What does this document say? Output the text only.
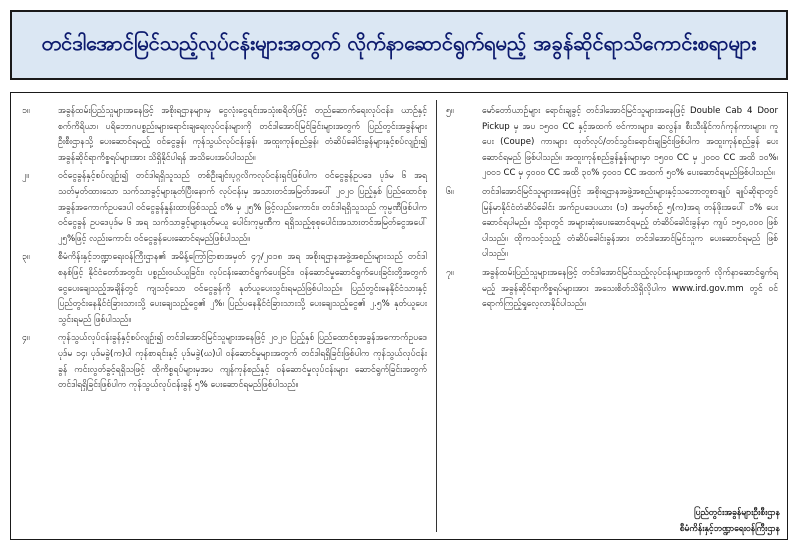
တင်ဒါအောင်မြင်သည့်လုပ်ငန်းများအတွက် လိုက်နာဆောင်ရွက်ရမည့် အခွန်ဆိုင်ရာသိကောင်းစရာများ
၁။	အခွန်ထမ်းပြည်သူများအနေဖြင့် အစိုးရဌာနများမှ ငွေလုံးငွေရင်းအသုံးစရိတ်ဖြင့် တည်ဆောက်ရေးလုပ်ငန်း၊ ယာဉ်နှင့်စက်ကိရိယာ၊ ပရိဘောဂပစ္စည်းများရောင်းချရေးလုပ်ငန်းများကို တင်ဒါအောင်မြင်ခြင်းများအတွက် ပြည်တွင်းအခွန်များဦးစီးဌာနသို့ ပေးဆောင်ရမည့် ဝင်ငွေခွန်၊ ကုန်သွယ်လုပ်ငန်းခွန်၊ အထူးကုန်စည်ခွန်၊ တံဆိပ်ခေါင်းခွန်များနှင့်စပ်လျဉ်း၍ အခွန်ဆိုင်ရာကိစ္စရပ်များအား သိရှိနိုင်ပါရန် အသိပေးအပ်ပါသည်။
၂။	ဝင်ငွေခွန်နှင့်စပ်လျဉ်း၍ တင်ဒါရရှိသူသည် တစ်ဦးချင်းပုဂ္ဂလိကလုပ်ငန်းရှင်ဖြစ်ပါက ဝင်ငွေခွန်ဥပဒေ ပုဒ်မ ၆ အရ သတ်မှတ်ထားသော သက်သာခွင့်များနုတ်ပြီးနောက် လုပ်ငန်းမှ အသားတင်အမြတ်အပေါ် ၂၀၂၀ ပြည့်နှစ် ပြည်ထောင်စုအခွန်အကောက်ဥပဒေပါ ဝင်ငွေခွန်နှုန်းထားဖြစ်သည့် ၀% မှ ၂၅% ဖြင့်လည်းကောင်း၊ တင်ဒါရရှိသူသည် ကုမ္ပဏီဖြစ်ပါက ဝင်ငွေခွန် ဥပဒေပုဒ်မ ၆ အရ သက်သာခွင့်များနုတ်မယူ ပေါင်းကုမ္ပဏီက ရရှိသည့်စုစုပေါင်းအသားတင်အမြတ်ငွေအပေါ် ၂၅%ဖြင့် လည်းကောင်း ဝင်ငွေခွန်ပေးဆောင်ရမည်ဖြစ်ပါသည်။
၃။	စီမံကိန်းနှင့်ဘဏ္ဍာရေးဝန်ကြီးဌာန၏ အမိန့်ကြော်ငြာစာအမှတ် ၄၇/၂၀၁၈ အရ အစိုးရဌာနအဖွဲ့အစည်းများသည် တင်ဒါစနစ်ဖြင့် နိုင်ငံတော်အတွင်း ပစ္စည်းဝယ်ယူခြင်း၊ လုပ်ငန်းဆောင်ရွက်ပေးခြင်း၊ ဝန်ဆောင်မှုဆောင်ရွက်ပေးခြင်းတို့အတွက် ငွေပေးချေသည့်အချိန်တွင် ကျသင့်သော ဝင်ငွေခွန်ကို နုတ်ယူပေးသွင်းရမည်ဖြစ်ပါသည်။ ပြည်တွင်းနေနိုင်ငံသားနှင့် ပြည်တွင်းနေနိုင်ငံခြားသားသို့ ပေးချေသည့်ငွေ၏ ၂%၊ ပြည်ပနေနိုင်ငံခြားသားသို့ ပေးချေသည့်ငွေ၏ ၂.၅% နုတ်ယူပေးသွင်းရမည် ဖြစ်ပါသည်။
၄။	ကုန်သွယ်လုပ်ငန်းခွန်နှင့်စပ်လျဉ်း၍ တင်ဒါအောင်မြင်သူများအနေဖြင့် ၂၀၂၀ ပြည့်နှစ် ပြည်ထောင်စုအခွန်အကောက်ဥပဒေ ပုဒ်မ ၁၄၊ ပုဒ်မခွဲ(က)ပါ ကုန်စာရင်းနှင့် ပုဒ်မခွဲ(ဃ)ပါ ဝန်ဆောင်မှုများအတွက် တင်ဒါရရှိခြင်းဖြစ်ပါက ကုန်သွယ်လုပ်ငန်းခွန် ကင်းလွတ်ခွင့်ရရှိသဖြင့် ထိုကိစ္စရပ်များမှအပ ကျန်ကုန်စည်နှင့် ဝန်ဆောင်မှုလုပ်ငန်းများ ဆောင်ရွက်ခြင်းအတွက် တင်ဒါရရှိခြင်းဖြစ်ပါက ကုန်သွယ်လုပ်ငန်းခွန် ၅% ပေးဆောင်ရမည်ဖြစ်ပါသည်။
၅။	မော်တော်ယာဉ်များ ရောင်းချခွင့် တင်ဒါအောင်မြင်သူများအနေဖြင့် Double Cab 4 Door Pickup မှ အပ ၁၅၀၀ CC နှင့်အထက် ဗင်ကားများ၊ ဆလွန်း၊ စီးသီးနိုင်ကဂ်ကုန်ကားများ၊ ကူပေး (Coupe) ကားများ ထုတ်လုပ်/တင်သွင်းရောင်းချခြင်းဖြစ်ပါက အထူးကုန်စည်ခွန် ပေးဆောင်ရမည် ဖြစ်ပါသည်။ အထူးကုန်စည်ခွန်နှုန်းများမှာ ၁၅၀၀ CC မှ ၂၀၀၀ CC အထိ ၁၀%၊ ၂၀၀၁ CC မှ ၄၀၀၀ CC အထိ ၃၀% ၄၀၀၁ CC အထက် ၅၀% ပေးဆောင်ရမည်ဖြစ်ပါသည်။
၆။	တင်ဒါအောင်မြင်သူများအနေဖြင့် အစိုးရဌာနအဖွဲ့အစည်းများနှင့်သဘောတူစာချုပ် ချုပ်ဆိုရာတွင် မြန်မာနိုင်ငံတံဆိပ်ခေါင်း အက်ဥပဒေပယား (၁) အမှတ်စဉ် ၅(က)အရ တန်ဖိုးအပေါ် ၁% ပေးဆောင်ရပါမည်။ သို့ရာတွင် အများဆုံးပေးဆောင်ရမည့် တံဆိပ်ခေါင်းခွန်မှာ ကျပ် ၁၅၀,၀၀၀ ဖြစ်ပါသည်။ ထိုကသင့်သည့် တံဆိပ်ခေါင်းခွန်အား တင်ဒါအောင်မြင်သူက ပေးဆောင်ရမည် ဖြစ်ပါသည်။
၇။	အခွန်ထမ်းပြည်သူများအနေဖြင့် တင်ဒါအောင်မြင်သည့်လုပ်ငန်းများအတွက် လိုက်နာဆောင်ရွက်ရမည့် အခွန်ဆိုင်ရာကိစ္စရပ်များအား အသေးစိတ်သိရှိလိုပါက www.ird.gov.mm တွင် ဝင်ရောက်ကြည့်ရှုလေ့လာနိုင်ပါသည်။
ပြည်တွင်းအခွန်များဦးစီးဌာန
စီမံကိန်းနှင့်ဘဏ္ဍာရေးဝန်ကြီးဌာန
